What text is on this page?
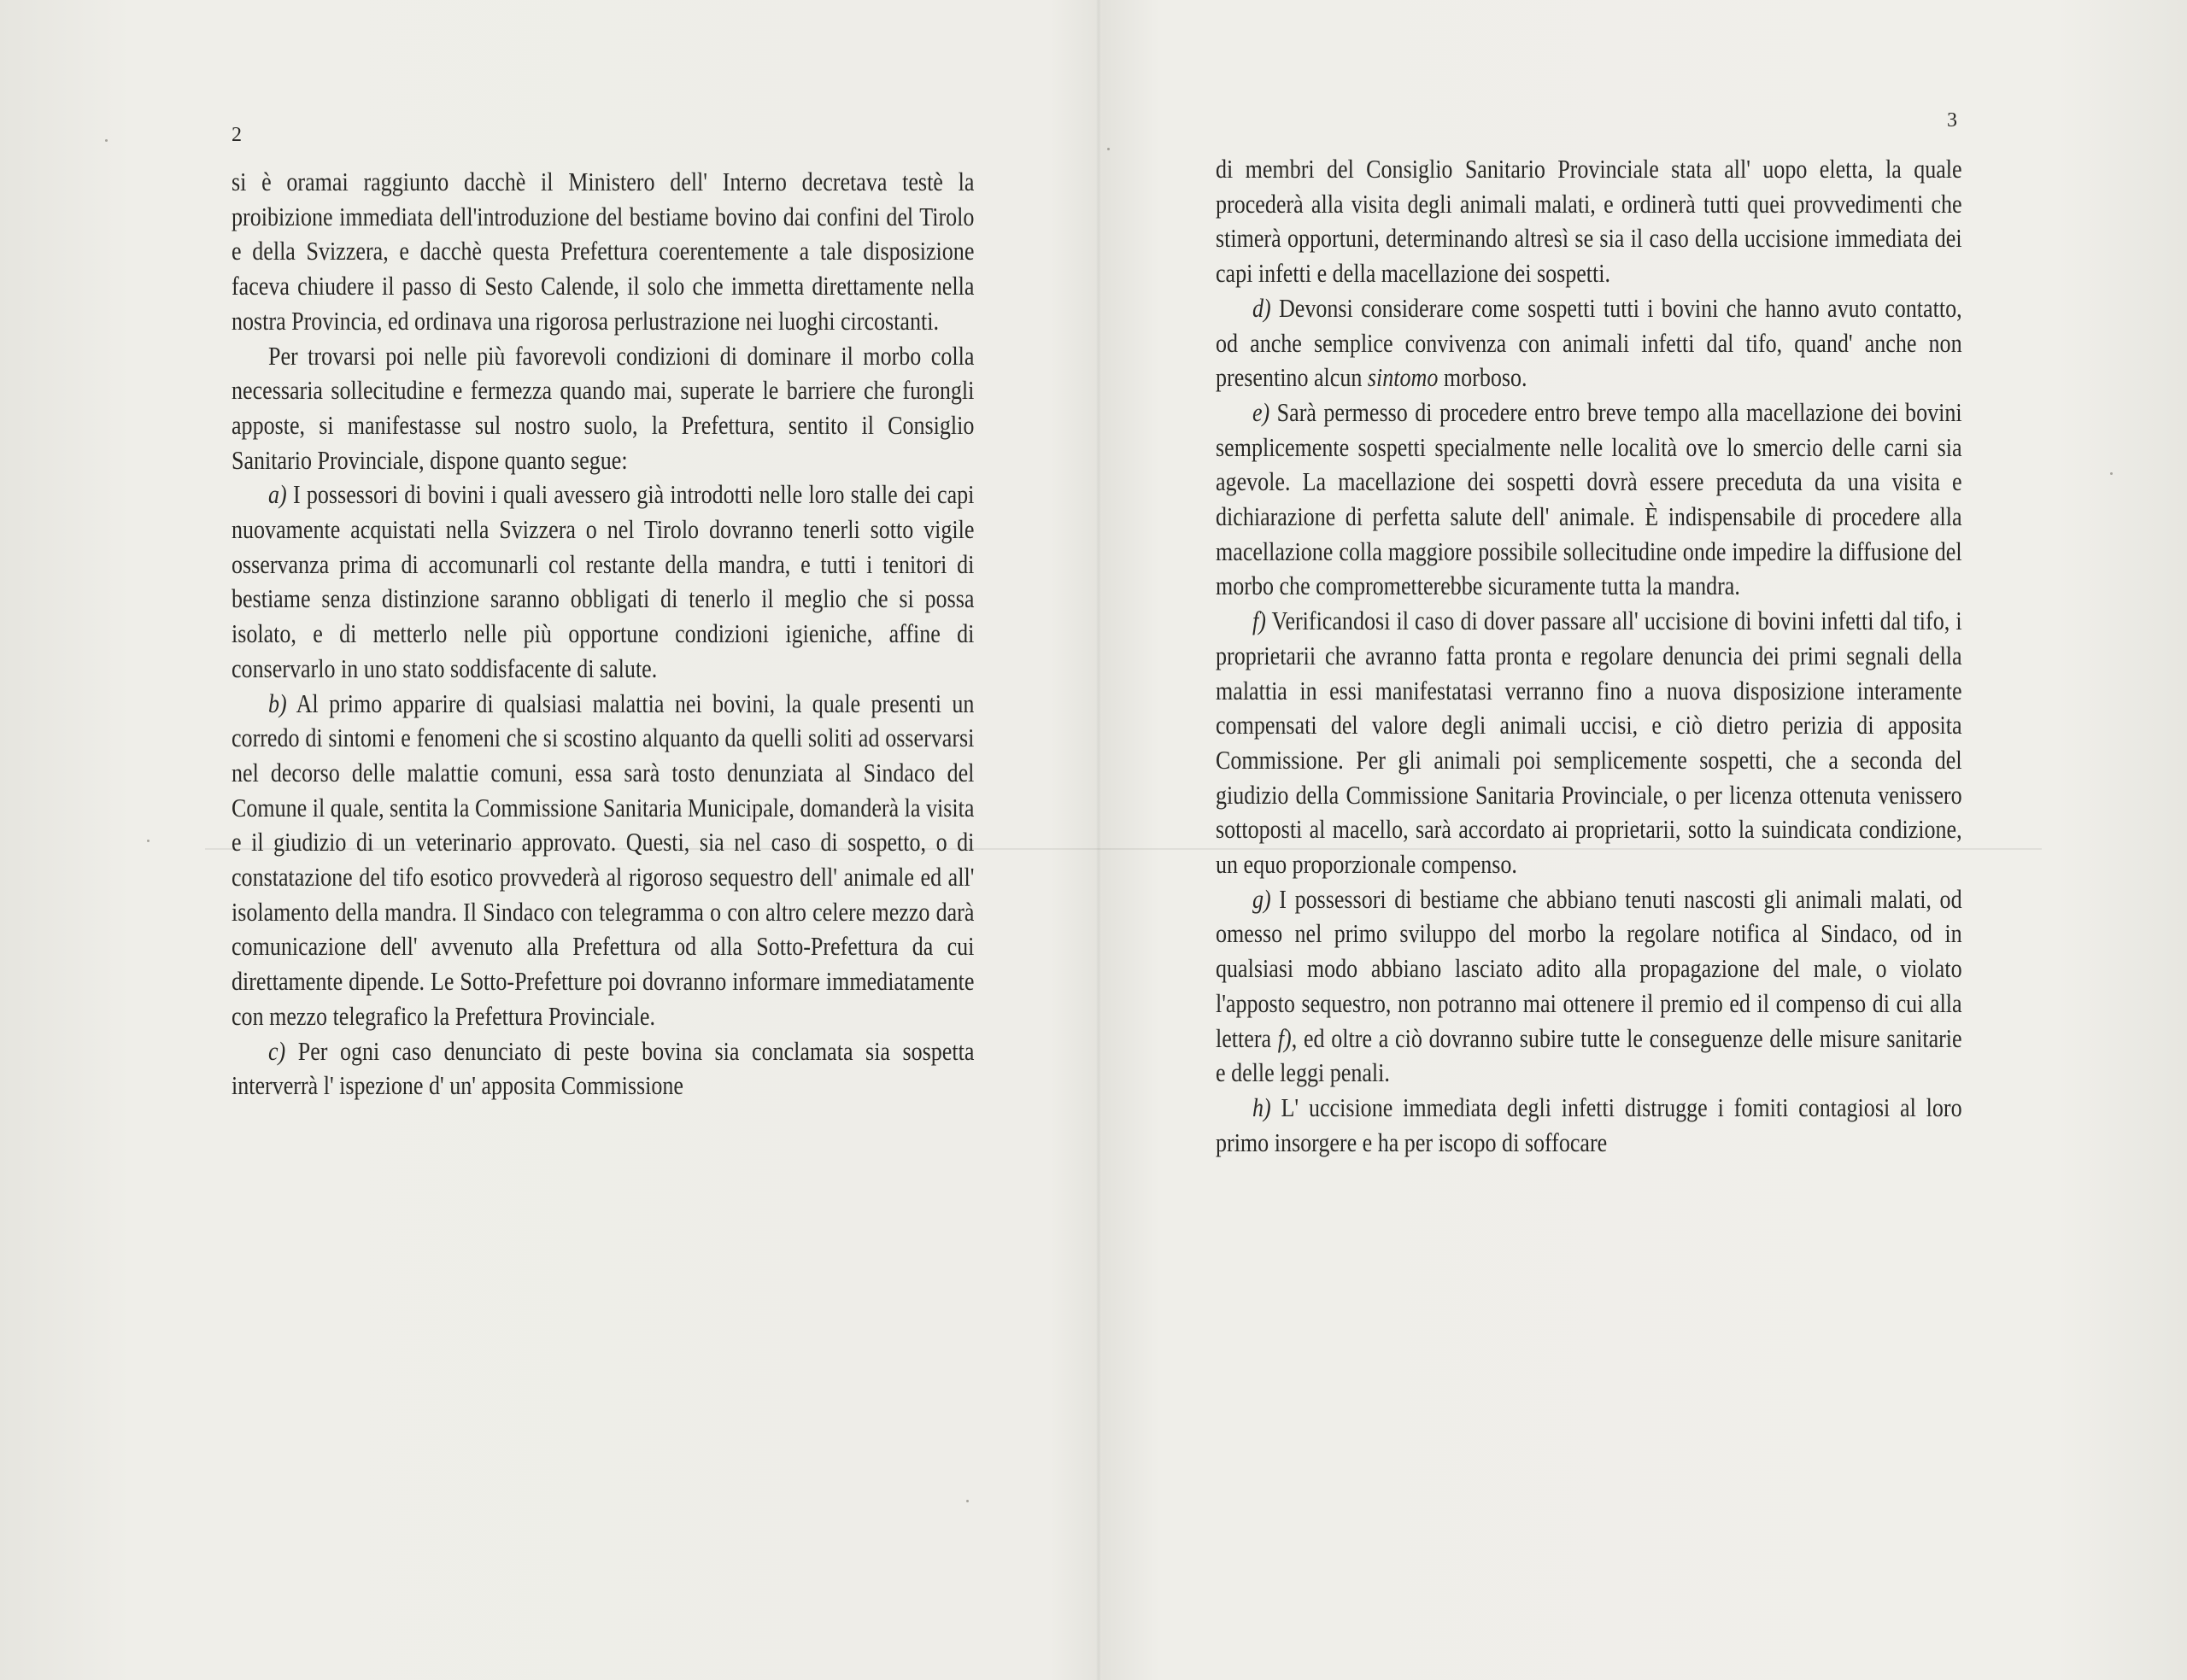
2

si è oramai raggiunto dacchè il Ministero dell' Interno decretava testè la proibizione immediata dell'introduzione del bestiame bovino dai confini del Tirolo e della Svizzera, e dacchè questa Prefettura coerentemente a tale disposizione faceva chiudere il passo di Sesto Calende, il solo che immetta direttamente nella nostra Provincia, ed ordinava una rigorosa perlustrazione nei luoghi circostanti.

Per trovarsi poi nelle più favorevoli condizioni di dominare il morbo colla necessaria sollecitudine e fermezza quando mai, superate le barriere che furongli apposte, si manifestasse sul nostro suolo, la Prefettura, sentito il Consiglio Sanitario Provinciale, dispone quanto segue:

a) I possessori di bovini i quali avessero già introdotti nelle loro stalle dei capi nuovamente acquistati nella Svizzera o nel Tirolo dovranno tenerli sotto vigile osservanza prima di accomunarli col restante della mandra, e tutti i tenitori di bestiame senza distinzione saranno obbligati di tenerlo il meglio che si possa isolato, e di metterlo nelle più opportune condizioni igieniche, affine di conservarlo in uno stato soddisfacente di salute.

b) Al primo apparire di qualsiasi malattia nei bovini, la quale presenti un corredo di sintomi e fenomeni che si scostino alquanto da quelli soliti ad osservarsi nel decorso delle malattie comuni, essa sarà tosto denunziata al Sindaco del Comune il quale, sentita la Commissione Sanitaria Municipale, domanderà la visita e il giudizio di un veterinario approvato. Questi, sia nel caso di sospetto, o di constatazione del tifo esotico provvederà al rigoroso sequestro dell' animale ed all' isolamento della mandra. Il Sindaco con telegramma o con altro celere mezzo darà comunicazione dell' avvenuto alla Prefettura od alla Sotto-Prefettura da cui direttamente dipende. Le Sotto-Prefetture poi dovranno informare immediatamente con mezzo telegrafico la Prefettura Provinciale.

c) Per ogni caso denunciato di peste bovina sia conclamata sia sospetta interverrà l' ispezione d' un' apposita Commissione

3

di membri del Consiglio Sanitario Provinciale stata all' uopo eletta, la quale procederà alla visita degli animali malati, e ordinerà tutti quei provvedimenti che stimerà opportuni, determinando altresì se sia il caso della uccisione immediata dei capi infetti e della macellazione dei sospetti.

d) Devonsi considerare come sospetti tutti i bovini che hanno avuto contatto, od anche semplice convivenza con animali infetti dal tifo, quand' anche non presentino alcun sintomo morboso.

e) Sarà permesso di procedere entro breve tempo alla macellazione dei bovini semplicemente sospetti specialmente nelle località ove lo smercio delle carni sia agevole. La macellazione dei sospetti dovrà essere preceduta da una visita e dichiarazione di perfetta salute dell' animale. È indispensabile di procedere alla macellazione colla maggiore possibile sollecitudine onde impedire la diffusione del morbo che comprometterebbe sicuramente tutta la mandra.

f) Verificandosi il caso di dover passare all' uccisione di bovini infetti dal tifo, i proprietarii che avranno fatta pronta e regolare denuncia dei primi segnali della malattia in essi manifestatasi verranno fino a nuova disposizione interamente compensati del valore degli animali uccisi, e ciò dietro perizia di apposita Commissione. Per gli animali poi semplicemente sospetti, che a seconda del giudizio della Commissione Sanitaria Provinciale, o per licenza ottenuta venissero sottoposti al macello, sarà accordato ai proprietarii, sotto la suindicata condizione, un equo proporzionale compenso.

g) I possessori di bestiame che abbiano tenuti nascosti gli animali malati, od omesso nel primo sviluppo del morbo la regolare notifica al Sindaco, od in qualsiasi modo abbiano lasciato adito alla propagazione del male, o violato l'apposto sequestro, non potranno mai ottenere il premio ed il compenso di cui alla lettera f), ed oltre a ciò dovranno subire tutte le conseguenze delle misure sanitarie e delle leggi penali.

h) L' uccisione immediata degli infetti distrugge i fomiti contagiosi al loro primo insorgere e ha per iscopo di soffocare
